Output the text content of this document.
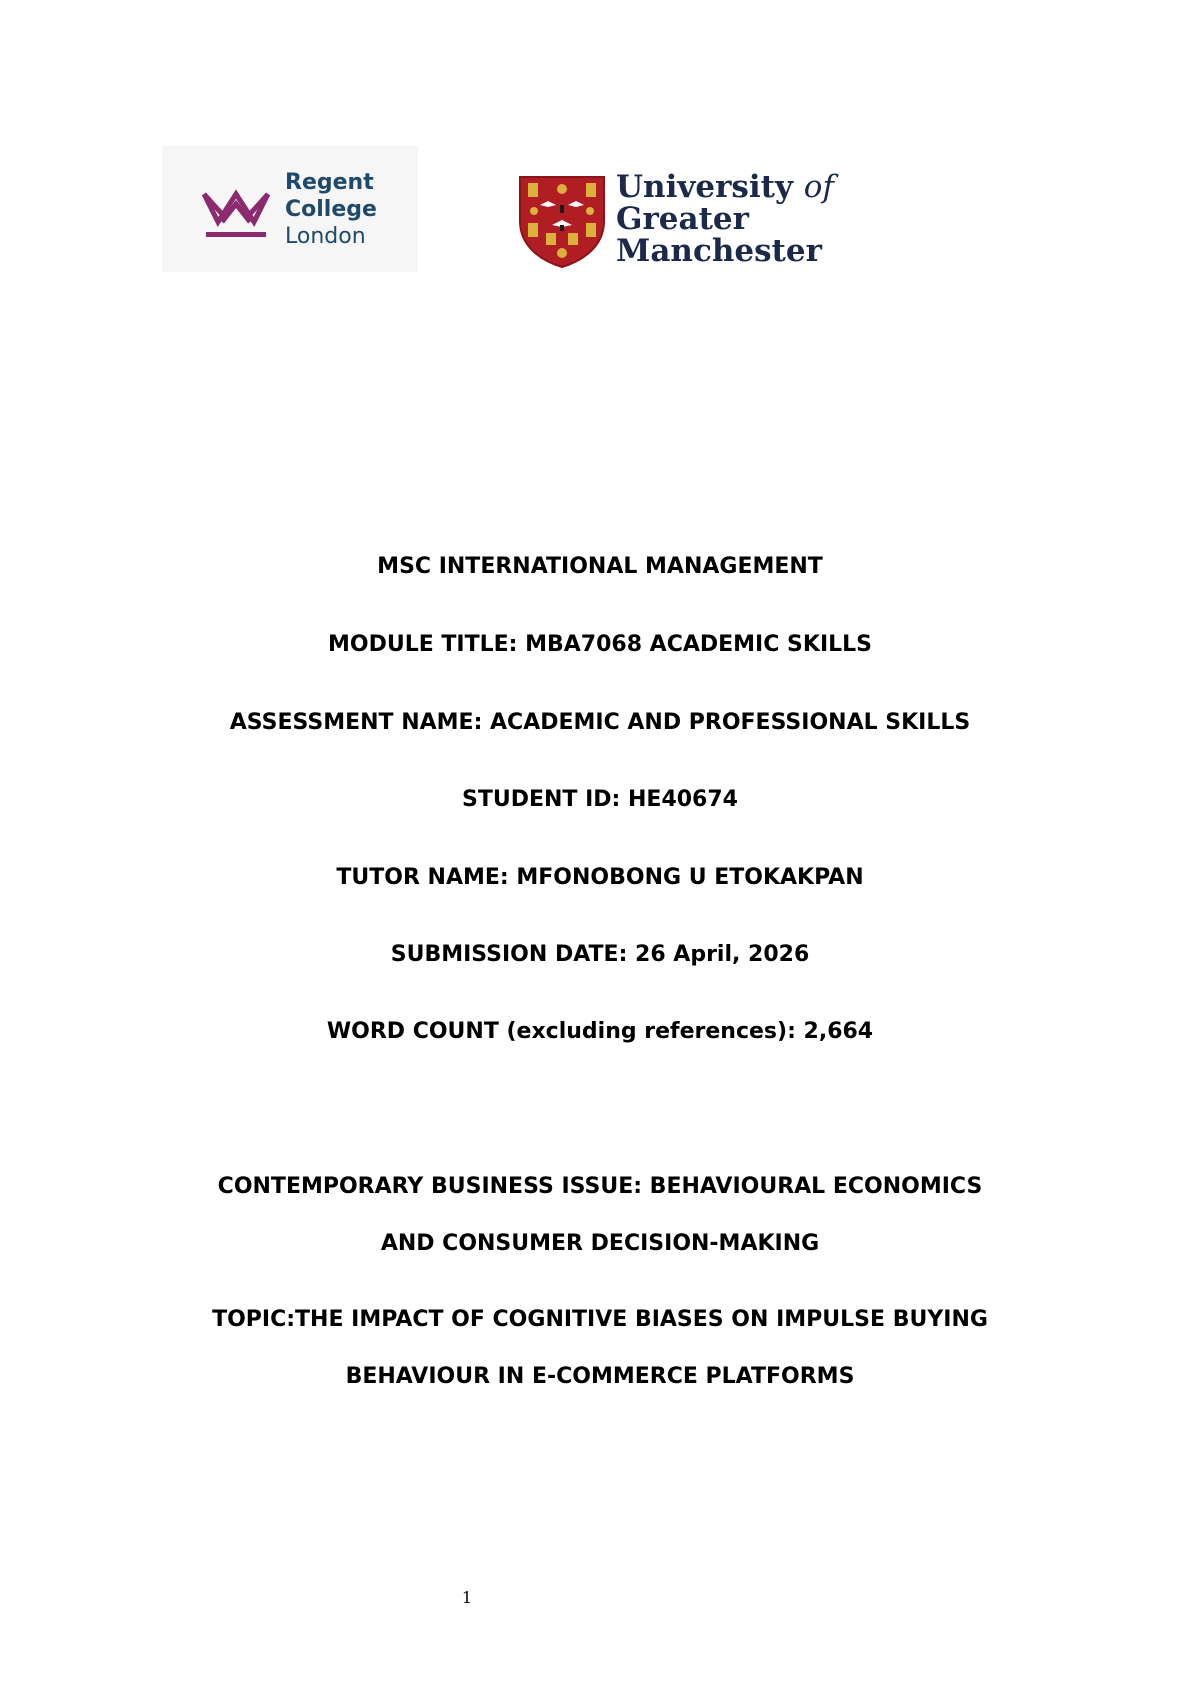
Regent
College
London
University of
Greater
Manchester
MSC INTERNATIONAL MANAGEMENT
MODULE TITLE: MBA7068 ACADEMIC SKILLS
ASSESSMENT NAME: ACADEMIC AND PROFESSIONAL SKILLS
STUDENT ID: HE40674
TUTOR NAME: MFONOBONG U ETOKAKPAN
SUBMISSION DATE: 26 April, 2026
WORD COUNT (excluding references): 2,664
CONTEMPORARY BUSINESS ISSUE: BEHAVIOURAL ECONOMICS
AND CONSUMER DECISION-MAKING
TOPIC:THE IMPACT OF COGNITIVE BIASES ON IMPULSE BUYING
BEHAVIOUR IN E-COMMERCE PLATFORMS
1
